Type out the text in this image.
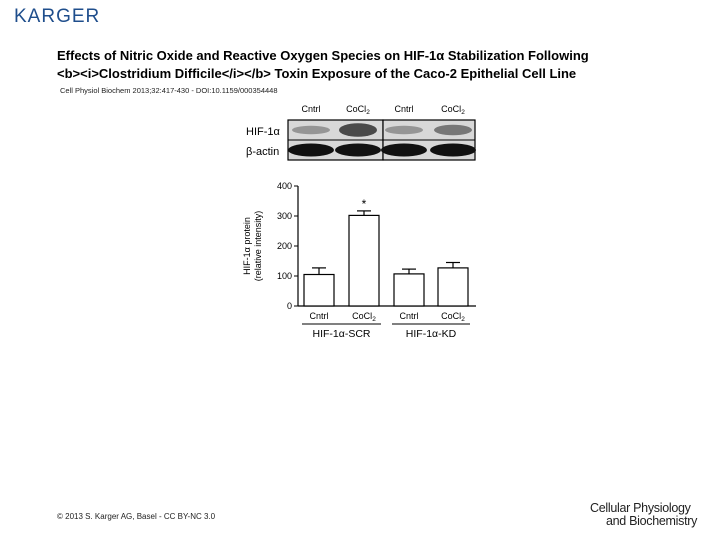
KARGER
Effects of Nitric Oxide and Reactive Oxygen Species on HIF-1α Stabilization Following
<b><i>Clostridium Difficile</i></b> Toxin Exposure of the Caco-2 Epithelial Cell Line
Cell Physiol Biochem 2013;32:417-430 - DOI:10.1159/000354448
Cntrl	CoCl$_2$	Cntrl	CoCl$_2$
HIF-1α
β-actin
HIF-1α protein (relative intensity)
0
100
200
300
400
Cntrl
*
CoCl$_2$	Cntrl	CoCl$_2$
HIF-1α-SCR	HIF-1α-KD
© 2013 S. Karger AG, Basel - CC BY-NC 3.0
Cellular Physiology
and Biochemistry
